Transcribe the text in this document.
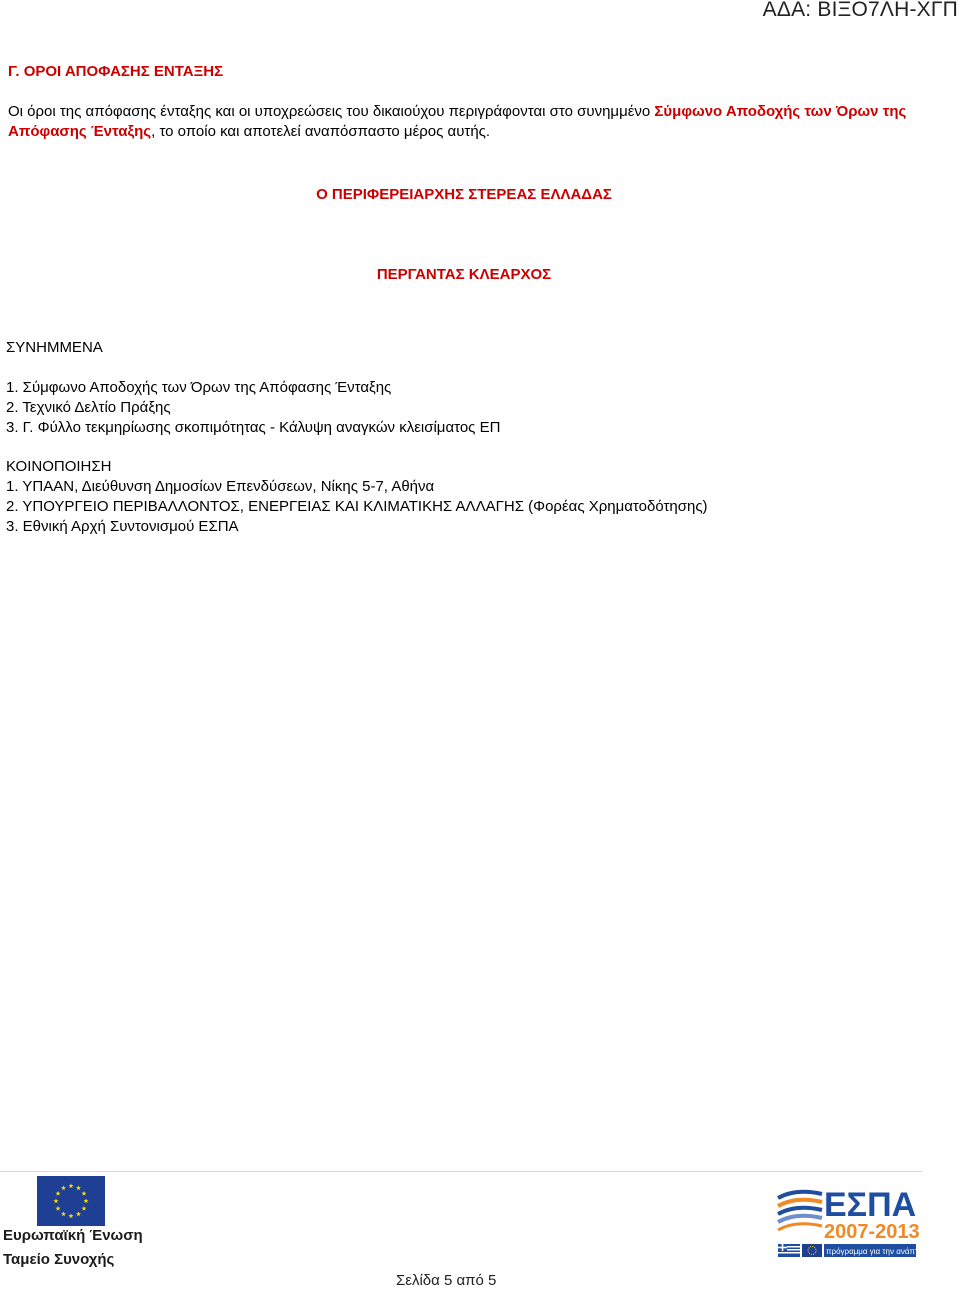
ΑΔΑ: ΒΙΞΟ7ΛΗ-ΧΓΠ
Γ. ΟΡΟΙ ΑΠΟΦΑΣΗΣ ΕΝΤΑΞΗΣ
Οι όροι της απόφασης ένταξης και οι υποχρεώσεις του δικαιούχου περιγράφονται στο συνημμένο Σύμφωνο Αποδοχής των Όρων της Απόφασης Ένταξης, το οποίο και αποτελεί αναπόσπαστο μέρος αυτής.
Ο ΠΕΡΙΦΕΡΕΙΑΡΧΗΣ ΣΤΕΡΕΑΣ ΕΛΛΑΔΑΣ
ΠΕΡΓΑΝΤΑΣ ΚΛΕΑΡΧΟΣ
ΣΥΝΗΜΜΕΝΑ
1. Σύμφωνο Αποδοχής των Όρων της Απόφασης Ένταξης
2. Τεχνικό Δελτίο Πράξης
3. Γ. Φύλλο τεκμηρίωσης σκοπιμότητας - Κάλυψη αναγκών κλεισίματος ΕΠ
ΚΟΙΝΟΠΟΙΗΣΗ
1. ΥΠΑΑΝ, Διεύθυνση Δημοσίων Επενδύσεων, Νίκης 5-7, Αθήνα
2. ΥΠΟΥΡΓΕΙΟ ΠΕΡΙΒΑΛΛΟΝΤΟΣ, ΕΝΕΡΓΕΙΑΣ ΚΑΙ ΚΛΙΜΑΤΙΚΗΣ ΑΛΛΑΓΗΣ (Φορέας Χρηματοδότησης)
3. Εθνική Αρχή Συντονισμού ΕΣΠΑ
Ευρωπαϊκή Ένωση
Ταμείο Συνοχής
Σελίδα 5 από 5
ΕΣΠΑ
2007-2013
πρόγραμμα για την ανάπτυξη
